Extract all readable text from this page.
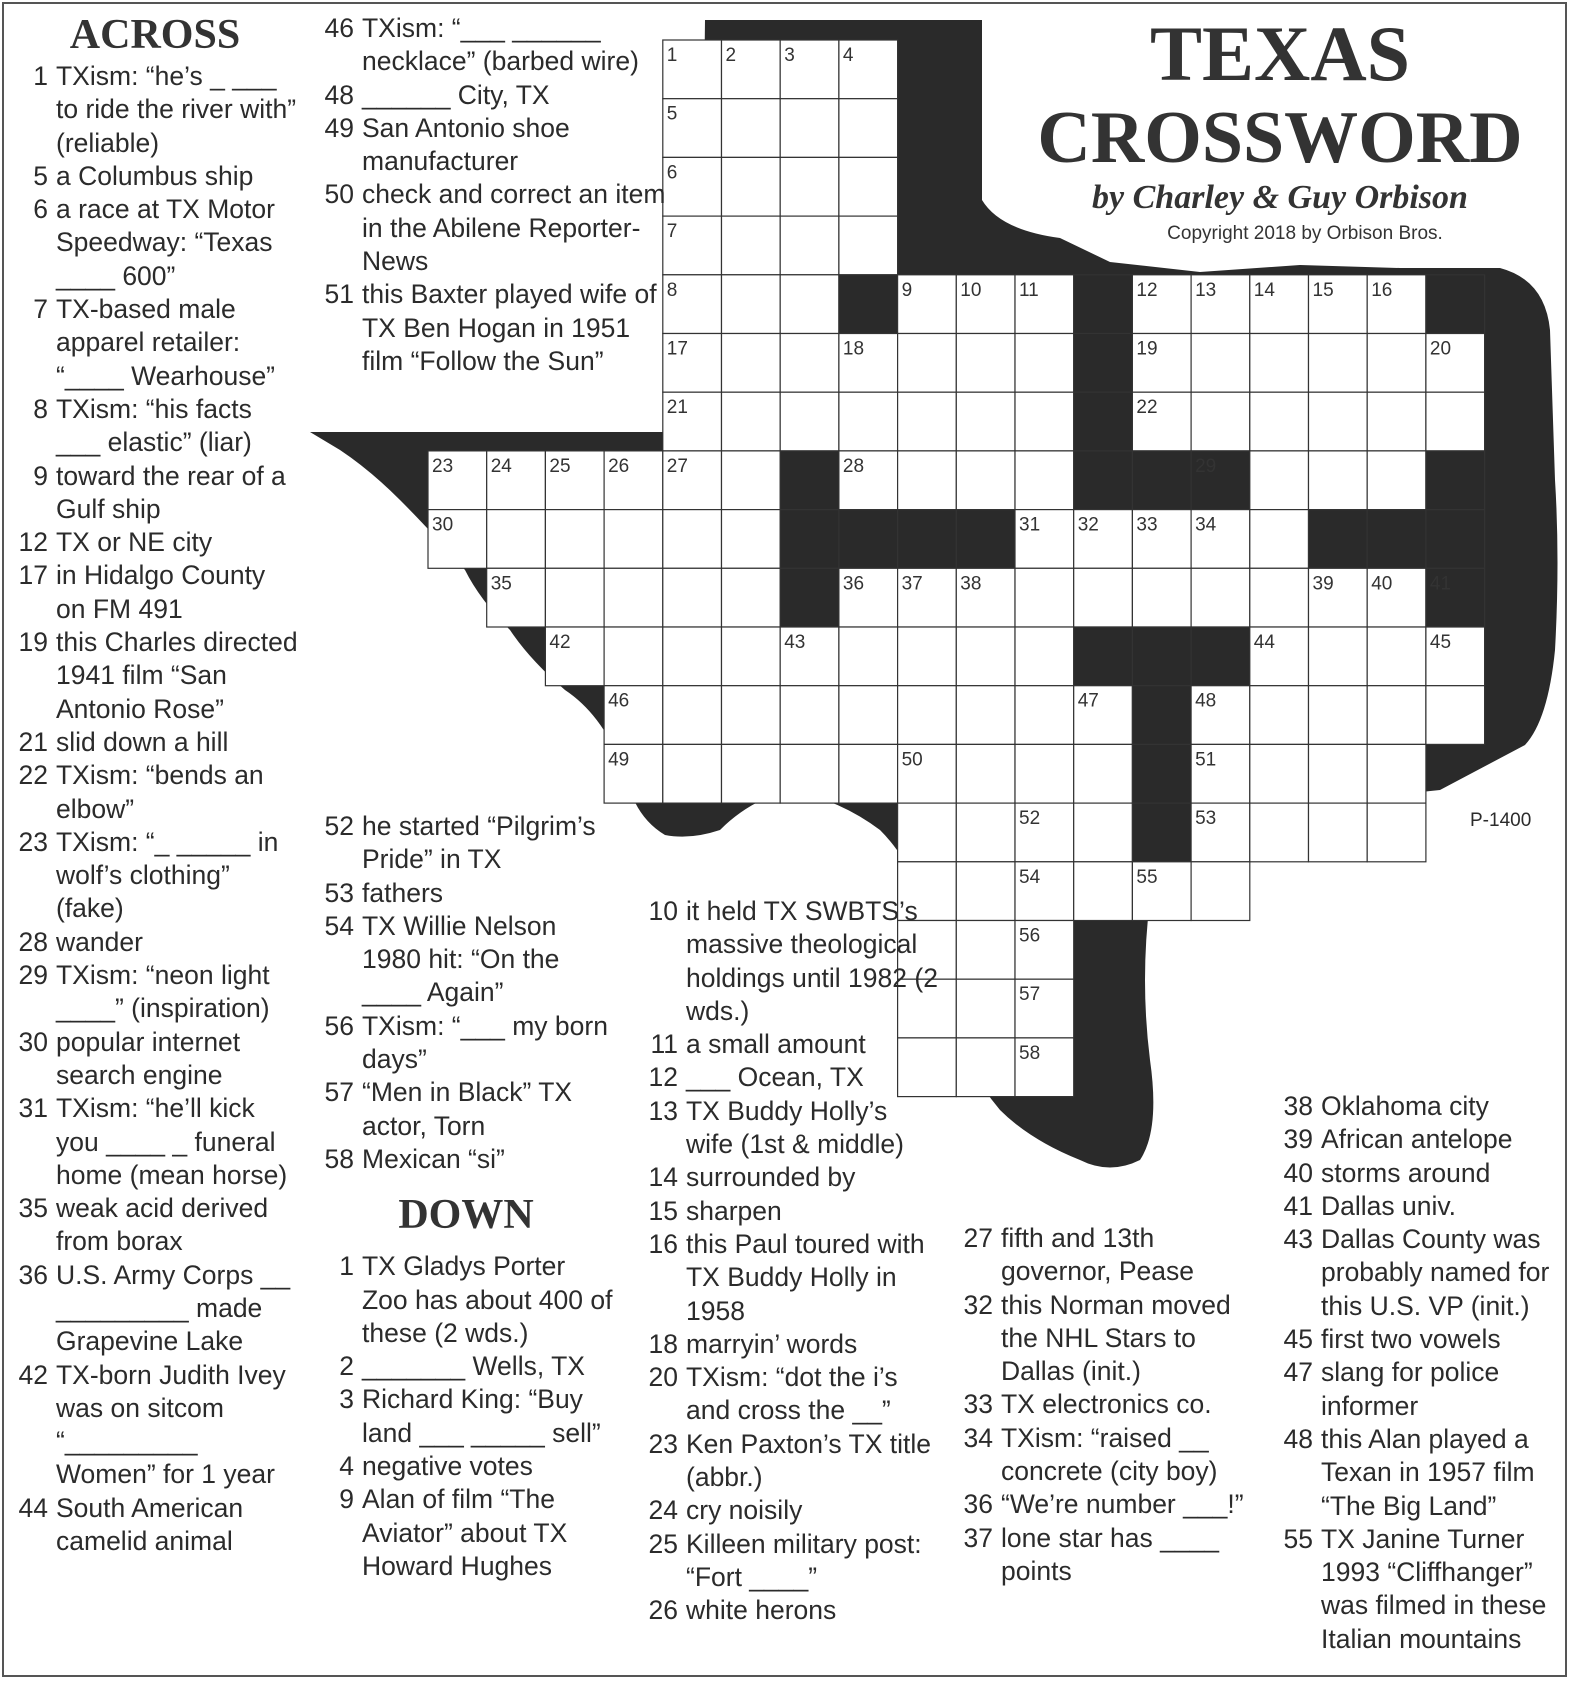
1	2	3	4
5
6
7
8	9	10 11	12 13 14 15 16
17	18	19	20
21	22
23 24 25 26 27	28	29
30	31 32 33 34
35	36 37 38	39 40 41
42	43	44	45
46	47	48
49	50	51
52	53
54	55
56
57
58
TEXAS
CROSSWORD
by Charley & Guy Orbison
Copyright 2018 by Orbison Bros.
P-1400
ACROSS
1 TXism: “he’s _ ___ to ride the river with” (reliable)
5 a Columbus ship
6 a race at TX Motor Speedway: “Texas ____ 600”
7 TX-based male apparel retailer: “____ Wearhouse”
8 TXism: “his facts ___ elastic” (liar)
9 toward the rear of a Gulf ship
12 TX or NE city
17 in Hidalgo County on FM 491
19 this Charles directed 1941 film “San Antonio Rose”
21 slid down a hill
22 TXism: “bends an elbow”
23 TXism: “_ _____ in wolf’s clothing” (fake)
28 wander
29 TXism: “neon light ____” (inspiration)
30 popular internet search engine
31 TXism: “he’ll kick you ____ _ funeral home (mean horse)
35 weak acid derived from borax
36 U.S. Army Corps __ _________ made Grapevine Lake
42 TX-born Judith Ivey was on sitcom “_________ Women” for 1 year
44 South American camelid animal
46 TXism: “___ ______ necklace” (barbed wire)
48 ______ City, TX
49 San Antonio shoe manufacturer
50 check and correct an item in the Abilene Reporter-News
51 this Baxter played wife of TX Ben Hogan in 1951 film “Follow the Sun”
52 he started “Pilgrim’s Pride” in TX
53 fathers
54 TX Willie Nelson 1980 hit: “On the ____ Again”
56 TXism: “___ my born days”
57 “Men in Black” TX actor, Torn
58 Mexican “si”
DOWN
1 TX Gladys Porter Zoo has about 400 of these (2 wds.)
2 _______ Wells, TX
3 Richard King: “Buy land ___ _____ sell”
4 negative votes
9 Alan of film “The Aviator” about TX Howard Hughes
10 it held TX SWBTS’s massive theological holdings until 1982 (2 wds.)
11 a small amount
12 ___ Ocean, TX
13 TX Buddy Holly’s wife (1st & middle)
14 surrounded by
15 sharpen
16 this Paul toured with TX Buddy Holly in 1958
18 marryin’ words
20 TXism: “dot the i’s and cross the __”
23 Ken Paxton’s TX title (abbr.)
24 cry noisily
25 Killeen military post: “Fort ____”
26 white herons
27 fifth and 13th governor, Pease
32 this Norman moved the NHL Stars to Dallas (init.)
33 TX electronics co.
34 TXism: “raised __ concrete (city boy)
36 “We’re number ___!”
37 lone star has ____ points
38 Oklahoma city
39 African antelope
40 storms around
41 Dallas univ.
43 Dallas County was probably named for this U.S. VP (init.)
45 first two vowels
47 slang for police informer
48 this Alan played a Texan in 1957 film “The Big Land”
55 TX Janine Turner 1993 “Cliffhanger” was filmed in these Italian mountains
